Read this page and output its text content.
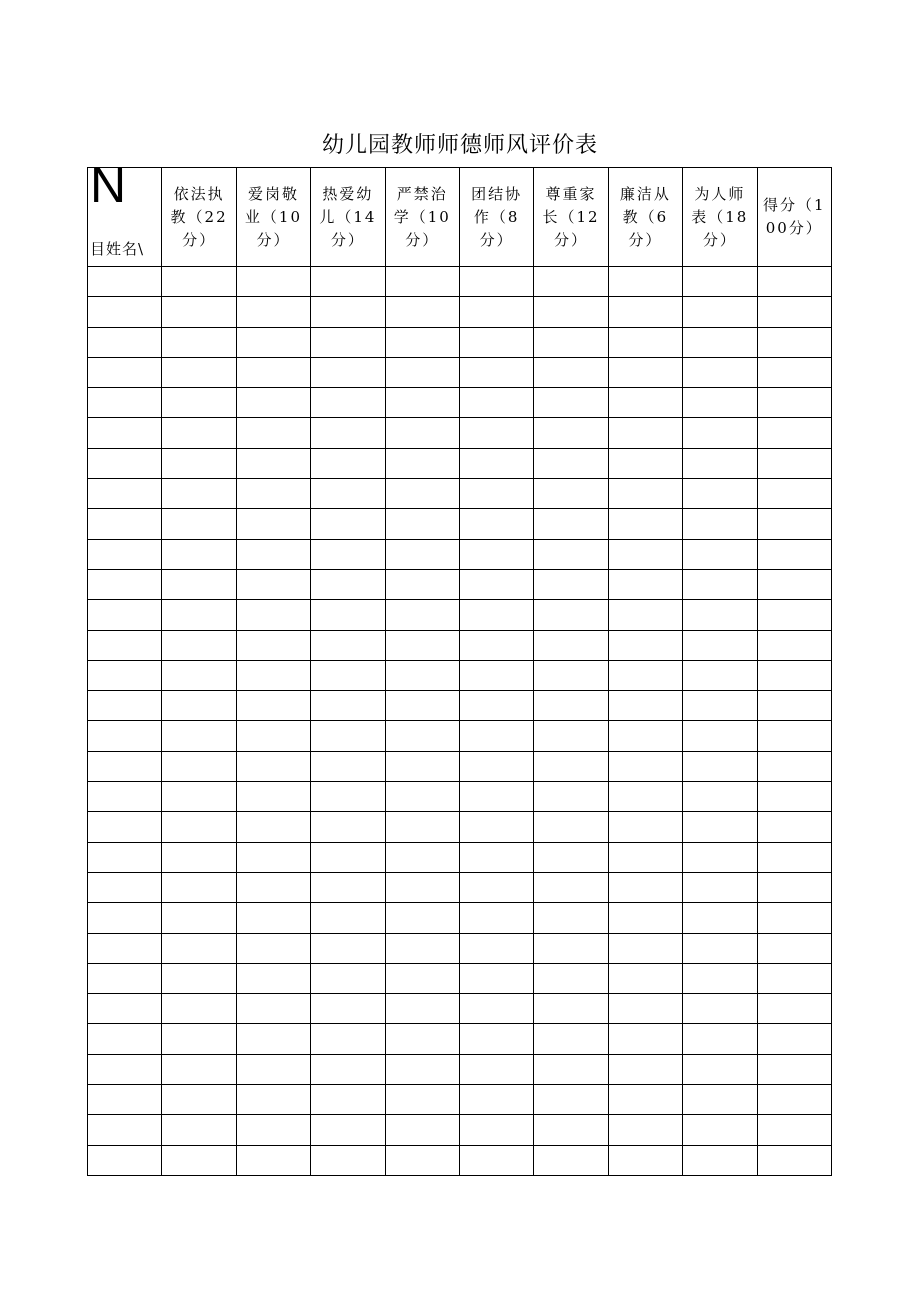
幼儿园教师师德师风评价表
N
目姓名\	依法执教（22分）	爱岗敬业（10分）	热爱幼儿（14分）	严禁治学（10分）	团结协作（8分）	尊重家长（12分）	廉洁从教（6分）	为人师表（18分）	得分（100分）
